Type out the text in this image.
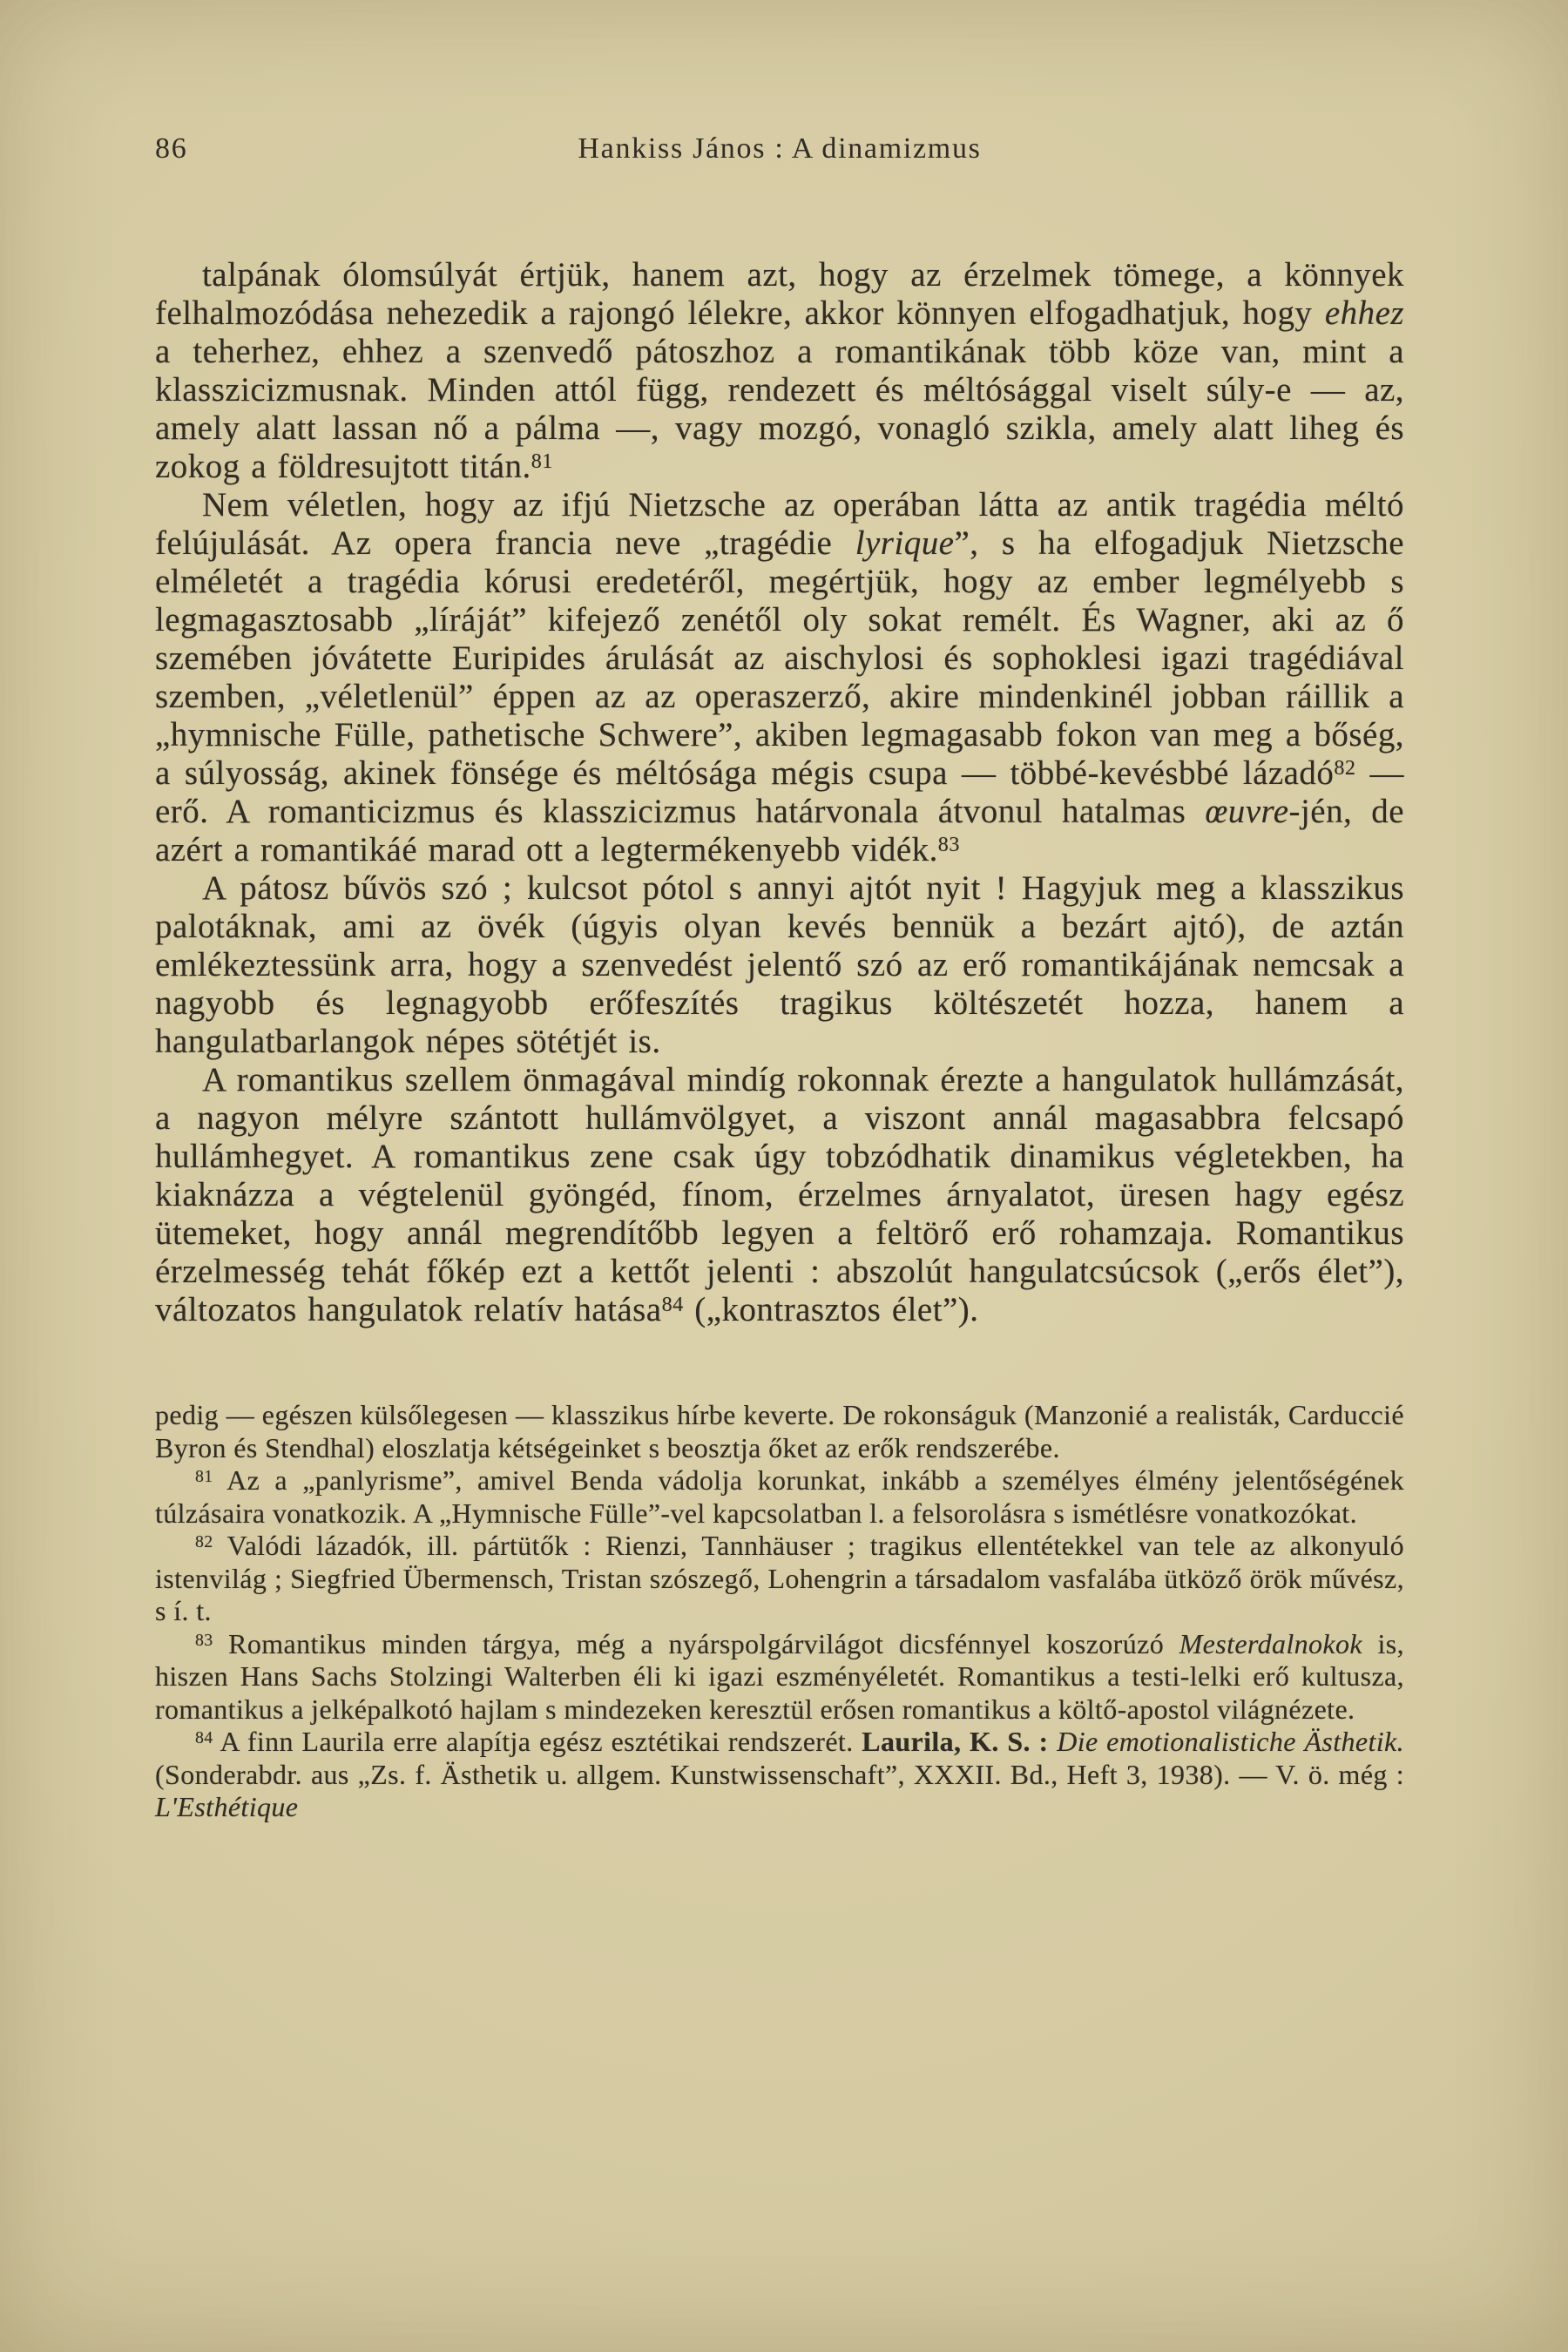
86	Hankiss János : A dinamizmus

talpának ólomsúlyát értjük, hanem azt, hogy az érzelmek tömege, a könnyek felhalmozódása nehezedik a rajongó lélekre, akkor könnyen elfogadhatjuk, hogy ehhez a teherhez, ehhez a szenvedő pátoszhoz a romantikának több köze van, mint a klasszicizmusnak. Minden attól függ, rendezett és méltósággal viselt súly-e — az, amely alatt lassan nő a pálma —, vagy mozgó, vonagló szikla, amely alatt liheg és zokog a földresujtott titán.$^{81}$

Nem véletlen, hogy az ifjú Nietzsche az operában látta az antik tragédia méltó felújulását. Az opera francia neve „tragédie lyrique”, s ha elfogadjuk Nietzsche elméletét a tragédia kórusi eredetéről, megértjük, hogy az ember legmélyebb s legmagasztosabb „líráját” kifejező zenétől oly sokat remélt. És Wagner, aki az ő szemében jóvátette Euripides árulását az aischylosi és sophoklesi igazi tragédiával szemben, „véletlenül” éppen az az operaszerző, akire mindenkinél jobban ráillik a „hymnische Fülle, pathetische Schwere”, akiben legmagasabb fokon van meg a bőség, a súlyosság, akinek fönsége és méltósága mégis csupa — többé-kevésbbé lázadó$^{82}$ — erő. A romanticizmus és klasszicizmus határvonala átvonul hatalmas œuvre-jén, de azért a romantikáé marad ott a legtermékenyebb vidék.$^{83}$

A pátosz bűvös szó ; kulcsot pótol s annyi ajtót nyit ! Hagyjuk meg a klasszikus palotáknak, ami az övék (úgyis olyan kevés bennük a bezárt ajtó), de aztán emlékeztessünk arra, hogy a szenvedést jelentő szó az erő romantikájának nemcsak a nagyobb és legnagyobb erőfeszítés tragikus költészetét hozza, hanem a hangulatbarlangok népes sötétjét is.

A romantikus szellem önmagával mindíg rokonnak érezte a hangulatok hullámzását, a nagyon mélyre szántott hullámvölgyet, a viszont annál magasabbra felcsapó hullámhegyet. A romantikus zene csak úgy tobzódhatik dinamikus végletekben, ha kiaknázza a végtelenül gyöngéd, fínom, érzelmes árnyalatot, üresen hagy egész ütemeket, hogy annál megrendítőbb legyen a feltörő erő rohamzaja. Romantikus érzelmesség tehát főkép ezt a kettőt jelenti : abszolút hangulatcsúcsok („erős élet”), változatos hangulatok relatív hatása$^{84}$ („kontrasztos élet”).

pedig — egészen külsőlegesen — klasszikus hírbe keverte. De rokonságuk (Manzonié a realisták, Carduccié Byron és Stendhal) eloszlatja kétségeinket s beosztja őket az erők rendszerébe.

$^{81}$ Az a „panlyrisme”, amivel Benda vádolja korunkat, inkább a személyes élmény jelentőségének túlzásaira vonatkozik. A „Hymnische Fülle”-vel kapcsolatban l. a felsorolásra s ismétlésre vonatkozókat.

$^{82}$ Valódi lázadók, ill. pártütők : Rienzi, Tannhäuser ; tragikus ellentétekkel van tele az alkonyuló istenvilág ; Siegfried Übermensch, Tristan szószegő, Lohengrin a társadalom vasfalába ütköző örök művész, s í. t.

$^{83}$ Romantikus minden tárgya, még a nyárspolgárvilágot dicsfénnyel koszorúzó Mesterdalnokok is, hiszen Hans Sachs Stolzingi Walterben éli ki igazi eszményéletét. Romantikus a testi-lelki erő kultusza, romantikus a jelképalkotó hajlam s mindezeken keresztül erősen romantikus a költő-apostol világnézete.

$^{84}$ A finn Laurila erre alapítja egész esztétikai rendszerét. Laurila, K. S. : Die emotionalistiche Ästhetik. (Sonderabdr. aus „Zs. f. Ästhetik u. allgem. Kunstwissenschaft”, XXXII. Bd., Heft 3, 1938). — V. ö. még : L'Esthétique
